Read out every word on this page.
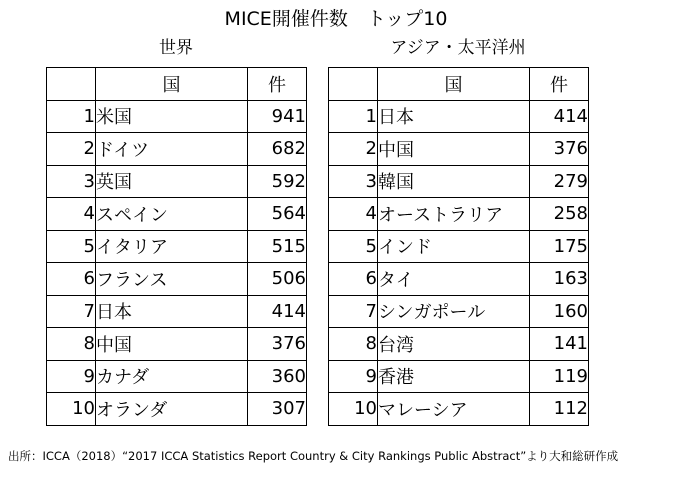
MICE開催件数　トップ10
世界	アジア・太平洋州
	国	件
1	米国	941
2	ドイツ	682
3	英国	592
4	スペイン	564
5	イタリア	515
6	フランス	506
7	日本	414
8	中国	376
9	カナダ	360
10	オランダ	307
	国	件
1	日本	414
2	中国	376
3	韓国	279
4	オーストラリア	258
5	インド	175
6	タイ	163
7	シンガポール	160
8	台湾	141
9	香港	119
10	マレーシア	112
出所：ICCA（2018）“2017 ICCA Statistics Report Country & City Rankings Public Abstract”より大和総研作成
